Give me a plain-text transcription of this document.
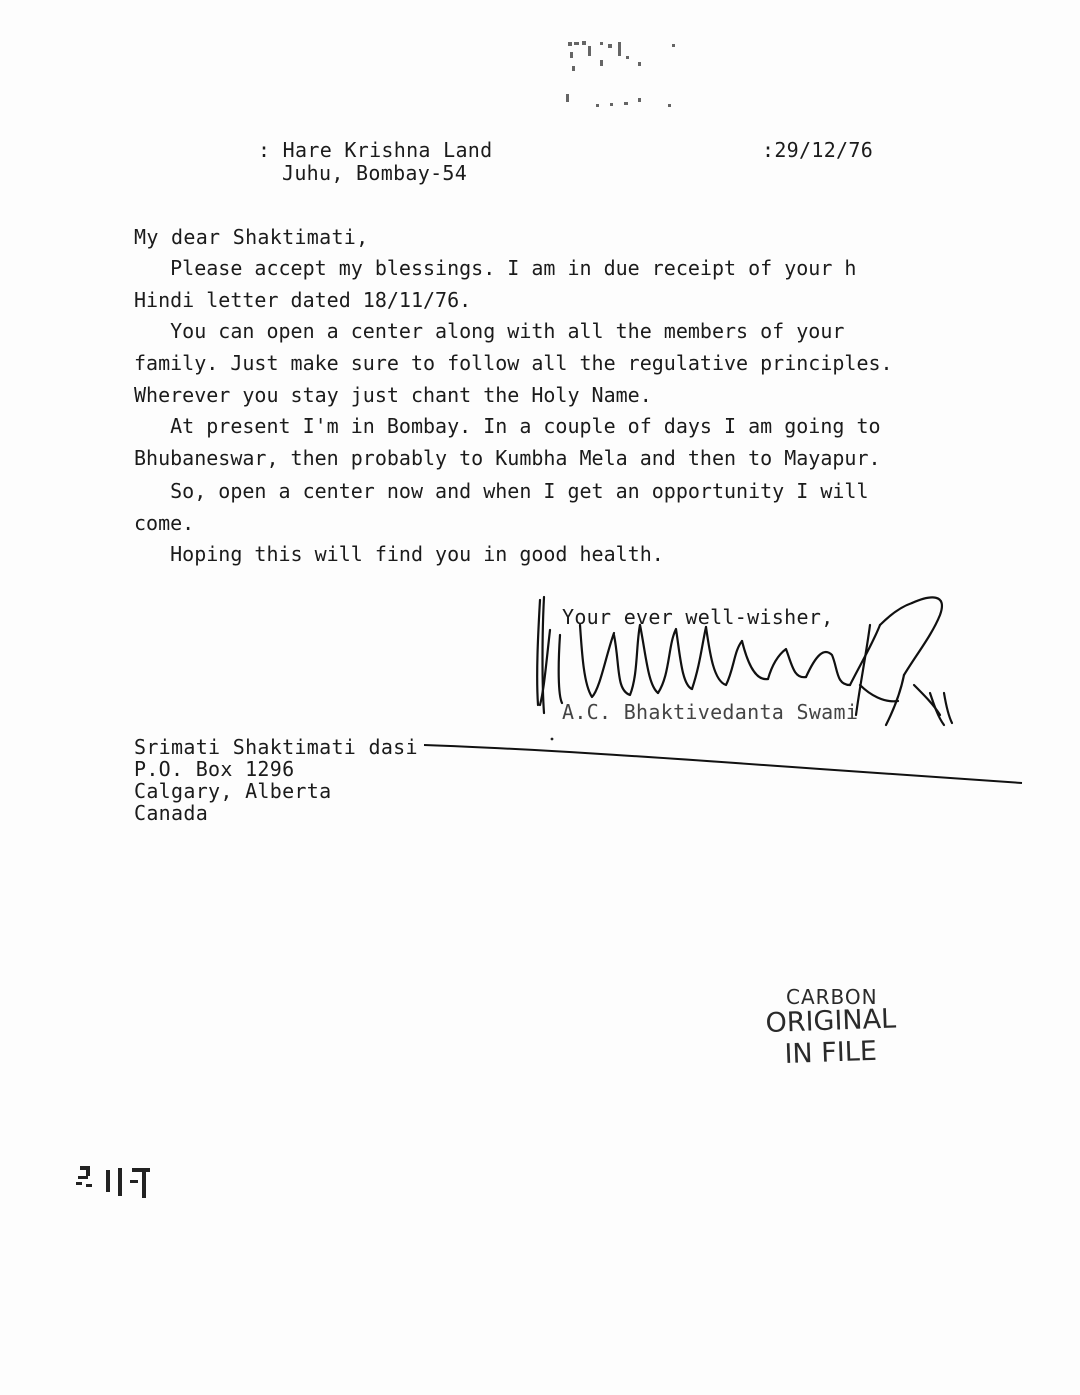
5774
: Hare Krishna Land
Juhu, Bombay-54
:29/12/76
My dear Shaktimati,
Please accept my blessings. I am in due receipt of your h
Hindi letter dated 18/11/76.
You can open a center along with all the members of your
family. Just make sure to follow all the regulative principles.
Wherever you stay just chant the Holy Name.
At present I'm in Bombay. In a couple of days I am going to
Bhubaneswar, then probably to Kumbha Mela and then to Mayapur.
So, open a center now and when I get an opportunity I will
come.
Hoping this will find you in good health.
Your ever well-wisher,
A.C. Bhaktivedanta Swami
Srimati Shaktimati dasi
P.O. Box 1296
Calgary, Alberta
Canada
CARBON
ORIGINAL
IN FILE
2217
